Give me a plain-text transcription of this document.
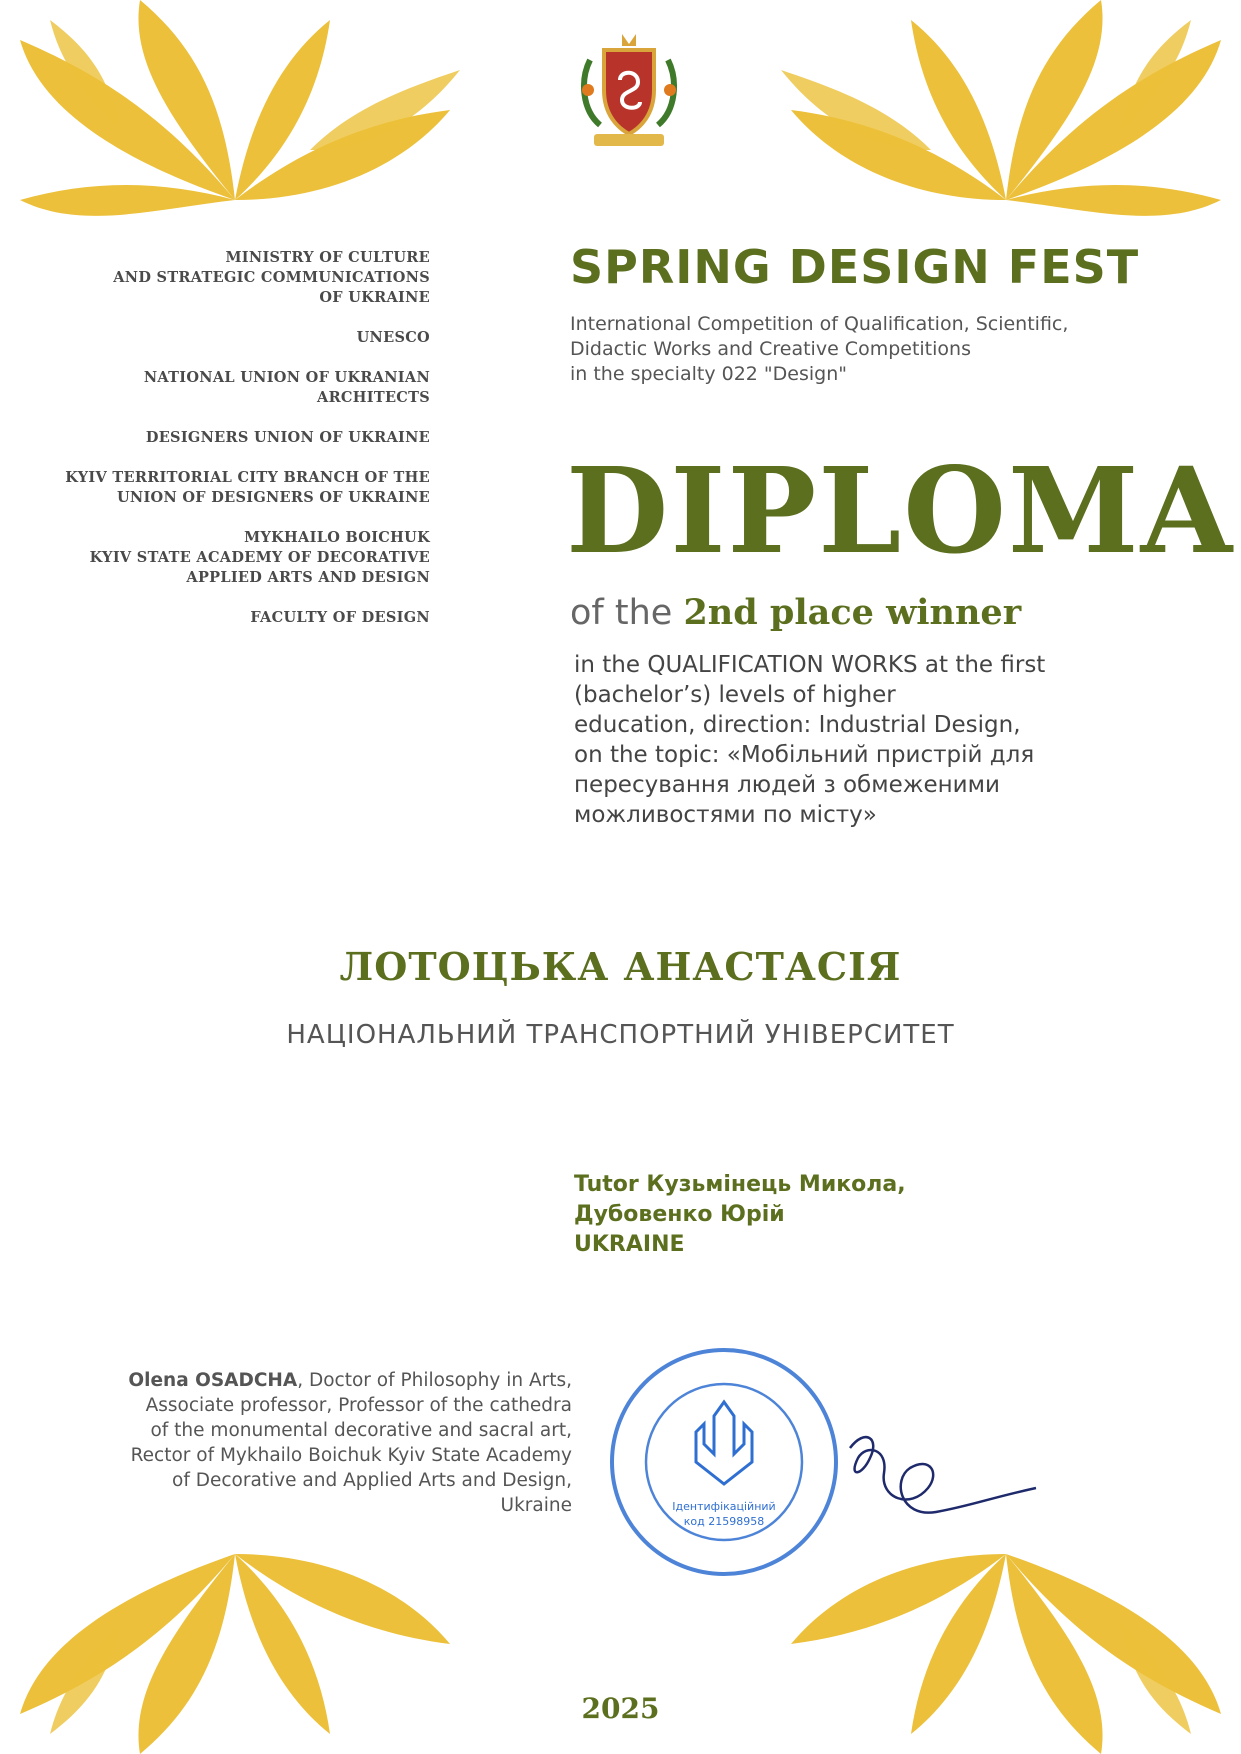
MINISTRY OF CULTURE
AND STRATEGIC COMMUNICATIONS
OF UKRAINE
UNESCO
NATIONAL UNION OF UKRANIAN
ARCHITECTS
DESIGNERS UNION OF UKRAINE
KYIV TERRITORIAL CITY BRANCH OF THE
UNION OF DESIGNERS OF UKRAINE
MYKHAILO BOICHUK
KYIV STATE ACADEMY OF DECORATIVE
APPLIED ARTS AND DESIGN
FACULTY OF DESIGN
SPRING DESIGN FEST
International Competition of Qualification, Scientific,
Didactic Works and Creative Competitions
in the specialty 022 "Design"
DIPLOMA
of the 2nd place winner
in the QUALIFICATION WORKS at the first
(bachelor’s) levels of higher
education, direction: Industrial Design,
on the topic: «Мобільний пристрій для
пересування людей з обмеженими
можливостями по місту»
ЛОТОЦЬКА АНАСТАСІЯ
НАЦІОНАЛЬНИЙ ТРАНСПОРТНИЙ УНІВЕРСИТЕТ
Tutor Кузьмінець Микола,
Дубовенко Юрій
UKRAINE
Olena OSADCHA, Doctor of Philosophy in Arts,
Associate professor, Professor of the cathedra
of the monumental decorative and sacral art,
Rector of Mykhailo Boichuk Kyiv State Academy
of Decorative and Applied Arts and Design,
Ukraine	Ідентифікаційний
код 21598958
2025
